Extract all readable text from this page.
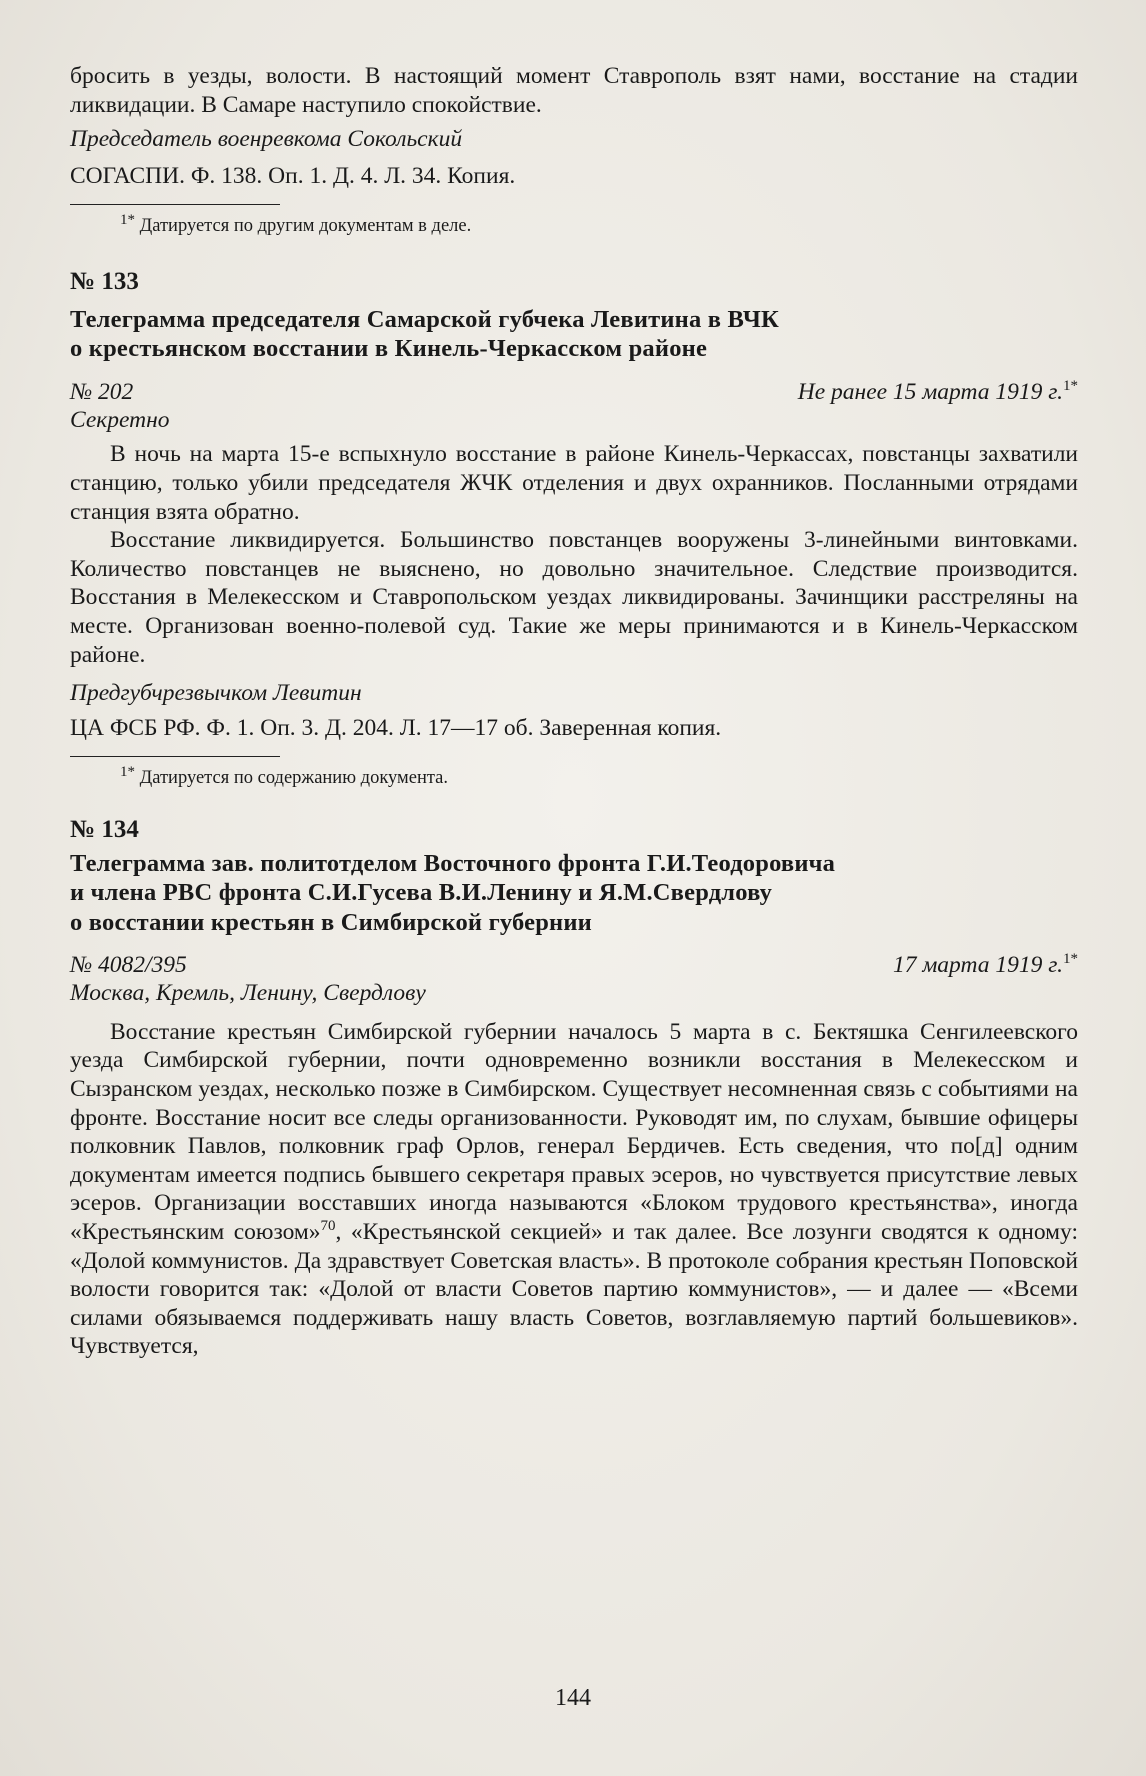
бросить в уезды, волости. В настоящий момент Ставрополь взят нами, восстание на стадии ликвидации. В Самаре наступило спокойствие.

Председатель военревкома Сокольский

СОГАСПИ. Ф. 138. Оп. 1. Д. 4. Л. 34. Копия.

$^{1*}$ Датируется по другим документам в деле.

№ 133

Телеграмма председателя Самарской губчека Левитина в ВЧК

о крестьянском восстании в Кинель-Черкасском районе

№ 202	Не ранее 15 марта 1919 г.$^{1*}$

Секретно

В ночь на марта 15-е вспыхнуло восстание в районе Кинель-Черкассах, повстанцы захватили станцию, только убили председателя ЖЧК отделения и двух охранников. Посланными отрядами станция взята обратно.

Восстание ликвидируется. Большинство повстанцев вооружены 3-линейными винтовками. Количество повстанцев не выяснено, но довольно значительное. Следствие производится. Восстания в Мелекесском и Ставропольском уездах ликвидированы. Зачинщики расстреляны на месте. Организован военно-полевой суд. Такие же меры принимаются и в Кинель-Черкасском районе.

Предгубчрезвычком Левитин

ЦА ФСБ РФ. Ф. 1. Оп. 3. Д. 204. Л. 17—17 об. Заверенная копия.

$^{1*}$ Датируется по содержанию документа.

№ 134

Телеграмма зав. политотделом Восточного фронта Г.И.Теодоровича

и члена РВС фронта С.И.Гусева В.И.Ленину и Я.М.Свердлову

о восстании крестьян в Симбирской губернии

№ 4082/395	17 марта 1919 г.$^{1*}$

Москва, Кремль, Ленину, Свердлову

Восстание крестьян Симбирской губернии началось 5 марта в с. Бектяшка Сенгилеевского уезда Симбирской губернии, почти одновременно возникли восстания в Мелекесском и Сызранском уездах, несколько позже в Симбирском. Существует несомненная связь с событиями на фронте. Восстание носит все следы организованности. Руководят им, по слухам, бывшие офицеры полковник Павлов, полковник граф Орлов, генерал Бердичев. Есть сведения, что по[д] одним документам имеется подпись бывшего секретаря правых эсеров, но чувствуется присутствие левых эсеров. Организации восставших иногда называются «Блоком трудового крестьянства», иногда «Крестьянским союзом»$^{70}$, «Крестьянской секцией» и так далее. Все лозунги сводятся к одному: «Долой коммунистов. Да здравствует Советская власть». В протоколе собрания крестьян Поповской волости говорится так: «Долой от власти Советов партию коммунистов», — и далее — «Всеми силами обязываемся поддерживать нашу власть Советов, возглавляемую партий большевиков». Чувствуется,

144
